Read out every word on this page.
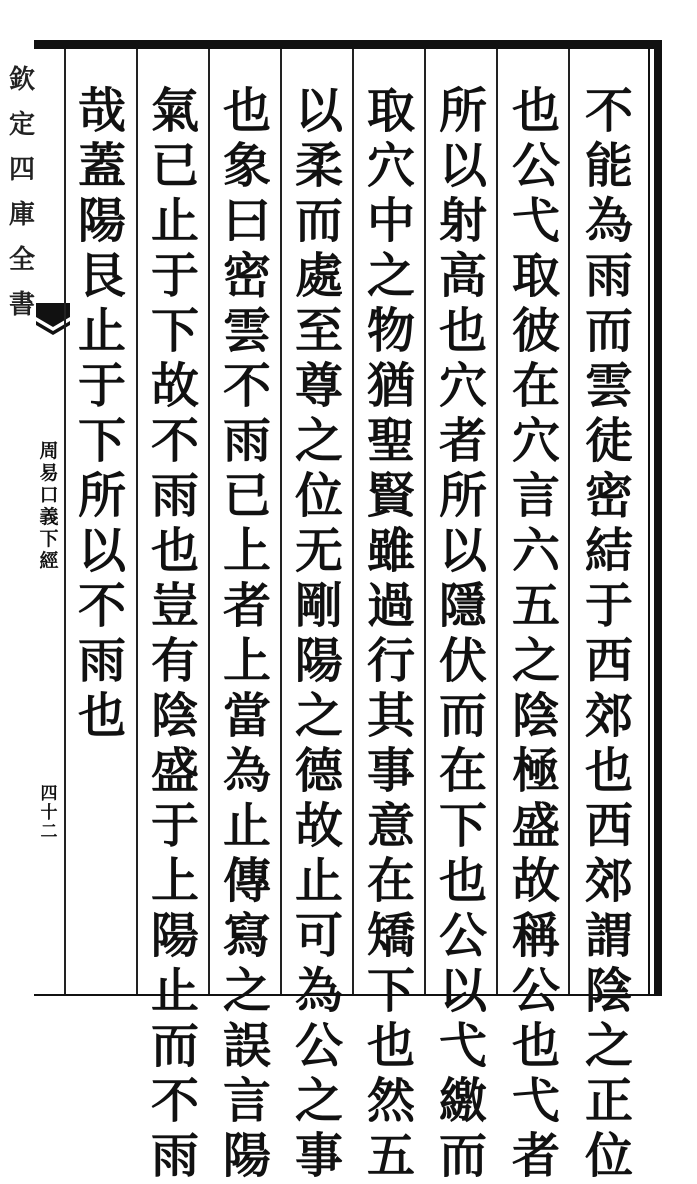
欽
定
四
庫
全
書
周
易
口
義
下
經
四
十
二
不
能
為
雨
而
雲
徒
密
結
于
西
郊
也
西
郊
謂
陰
之
正
位
也
公
弋
取
彼
在
穴
言
六
五
之
陰
極
盛
故
稱
公
也
弋
者
所
以
射
高
也
穴
者
所
以
隱
伏
而
在
下
也
公
以
弋
繳
而
取
穴
中
之
物
猶
聖
賢
雖
過
行
其
事
意
在
矯
下
也
然
五
以
柔
而
處
至
尊
之
位
无
剛
陽
之
德
故
止
可
為
公
之
事
也
象
曰
密
雲
不
雨
已
上
者
上
當
為
止
傳
寫
之
誤
言
陽
氣
已
止
于
下
故
不
雨
也
豈
有
陰
盛
于
上
陽
止
而
不
雨
哉
蓋
陽
艮
止
于
下
所
以
不
雨
也
